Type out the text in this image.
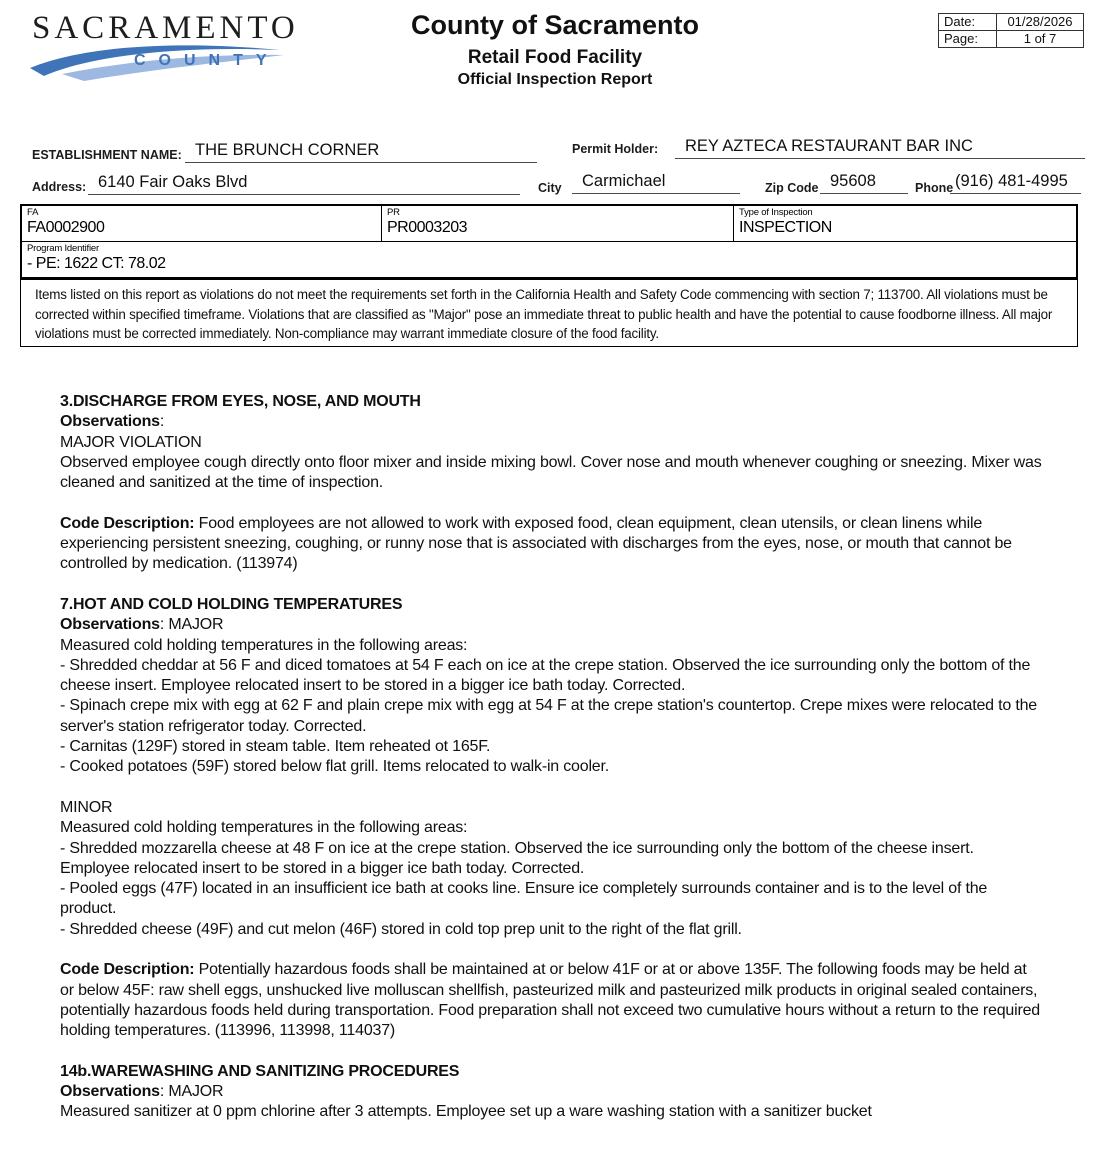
SACRAMENTO
COUNTY
County of Sacramento
Retail Food Facility
Official Inspection Report
Date:	01/28/2026
Page:	1 of 7
ESTABLISHMENT NAME: THE BRUNCH CORNER	Permit Holder:	REY AZTECA RESTAURANT BAR INC
Address: 6140 Fair Oaks Blvd	City	Carmichael	Zip Code 95608	Phone (916) 481-4995
FA
FA0002900
PR
PR0003203
Type of Inspection
INSPECTION
Program Identifier
- PE: 1622 CT: 78.02
Items listed on this report as violations do not meet the requirements set forth in the California Health and Safety Code commencing with section 7; 113700. All violations must be corrected within specified timeframe. Violations that are classified as "Major" pose an immediate threat to public health and have the potential to cause foodborne illness. All major violations must be corrected immediately. Non-compliance may warrant immediate closure of the food facility.
3.DISCHARGE FROM EYES, NOSE, AND MOUTH
Observations:
MAJOR VIOLATION
Observed employee cough directly onto floor mixer and inside mixing bowl. Cover nose and mouth whenever coughing or sneezing. Mixer was cleaned and sanitized at the time of inspection.
Code Description: Food employees are not allowed to work with exposed food, clean equipment, clean utensils, or clean linens while experiencing persistent sneezing, coughing, or runny nose that is associated with discharges from the eyes, nose, or mouth that cannot be controlled by medication. (113974)
7.HOT AND COLD HOLDING TEMPERATURES
Observations: MAJOR
Measured cold holding temperatures in the following areas:
- Shredded cheddar at 56 F and diced tomatoes at 54 F each on ice at the crepe station. Observed the ice surrounding only the bottom of the cheese insert. Employee relocated insert to be stored in a bigger ice bath today. Corrected.
- Spinach crepe mix with egg at 62 F and plain crepe mix with egg at 54 F at the crepe station's countertop. Crepe mixes were relocated to the server's station refrigerator today. Corrected.
- Carnitas (129F) stored in steam table. Item reheated ot 165F.
- Cooked potatoes (59F) stored below flat grill. Items relocated to walk-in cooler.
MINOR
Measured cold holding temperatures in the following areas:
- Shredded mozzarella cheese at 48 F on ice at the crepe station. Observed the ice surrounding only the bottom of the cheese insert. Employee relocated insert to be stored in a bigger ice bath today. Corrected.
- Pooled eggs (47F) located in an insufficient ice bath at cooks line. Ensure ice completely surrounds container and is to the level of the product.
- Shredded cheese (49F) and cut melon (46F) stored in cold top prep unit to the right of the flat grill.
Code Description: Potentially hazardous foods shall be maintained at or below 41F or at or above 135F. The following foods may be held at or below 45F: raw shell eggs, unshucked live molluscan shellfish, pasteurized milk and pasteurized milk products in original sealed containers, potentially hazardous foods held during transportation. Food preparation shall not exceed two cumulative hours without a return to the required holding temperatures. (113996, 113998, 114037)
14b.WAREWASHING AND SANITIZING PROCEDURES
Observations: MAJOR
Measured sanitizer at 0 ppm chlorine after 3 attempts. Employee set up a ware washing station with a sanitizer bucket
